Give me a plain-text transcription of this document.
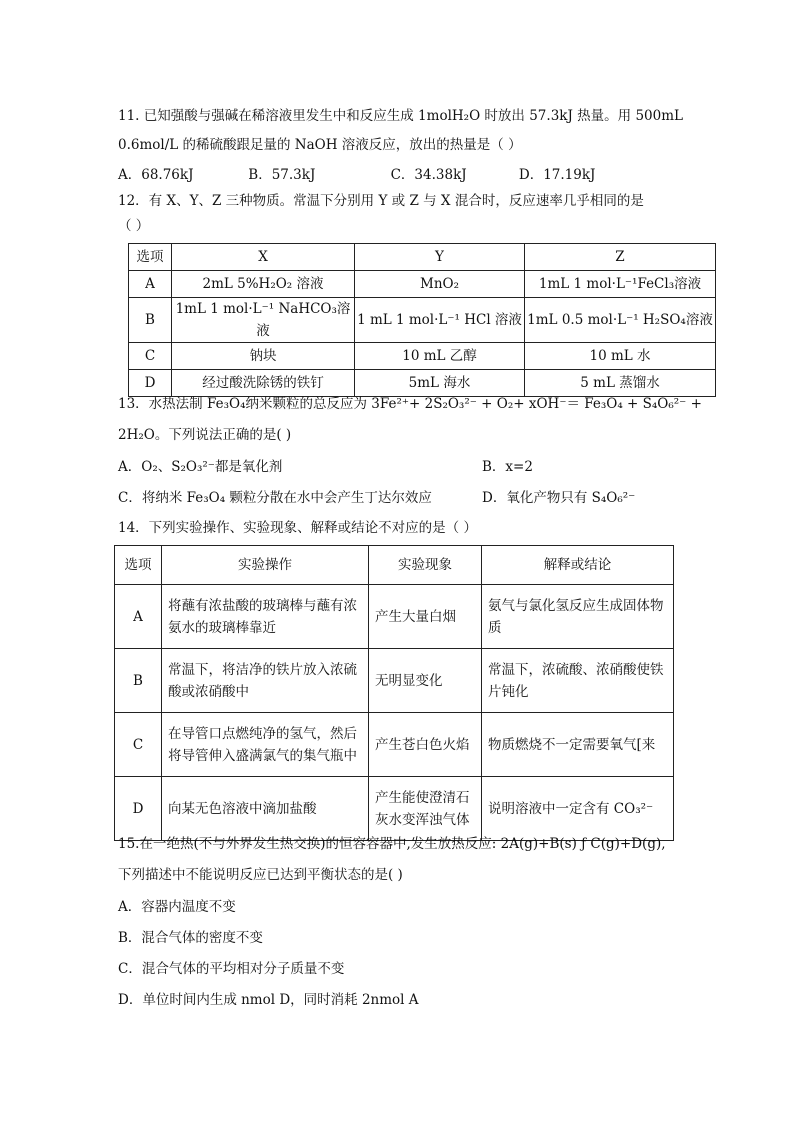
11. 已知强酸与强碱在稀溶液里发生中和反应生成 1molH₂O 时放出 57.3kJ 热量。用 500mL
0.6mol/L 的稀硫酸跟足量的 NaOH 溶液反应，放出的热量是（ ）
A．68.76kJ	B．57.3kJ	C．34.38kJ	D．17.19kJ
12．有 X、Y、Z 三种物质。常温下分别用 Y 或 Z 与 X 混合时，反应速率几乎相同的是
（ ）
选项	X	Y	Z
A	2mL 5%H₂O₂ 溶液	MnO₂	1mL 1 mol·L⁻¹FeCl₃溶液
B	1mL 1 mol·L⁻¹ NaHCO₃溶液	1 mL 1 mol·L⁻¹ HCl 溶液	1mL 0.5 mol·L⁻¹ H₂SO₄溶液
C	钠块	10 mL 乙醇	10 mL 水
D	经过酸洗除锈的铁钉	5mL 海水	5 mL 蒸馏水
13．水热法制 Fe₃O₄纳米颗粒的总反应为 3Fe²⁺+ 2S₂O₃²⁻ + O₂+ xOH⁻＝ Fe₃O₄ + S₄O₆²⁻ +
2H₂O。下列说法正确的是( )
A．O₂、S₂O₃²⁻都是氧化剂	B．x=2
C．将纳米 Fe₃O₄ 颗粒分散在水中会产生丁达尔效应	D．氧化产物只有 S₄O₆²⁻
14．下列实验操作、实验现象、解释或结论不对应的是（ ）
选项	实验操作	实验现象	解释或结论
A	将蘸有浓盐酸的玻璃棒与蘸有浓氨水的玻璃棒靠近	产生大量白烟	氨气与氯化氢反应生成固体物质
B	常温下，将洁净的铁片放入浓硫酸或浓硝酸中	无明显变化	常温下，浓硫酸、浓硝酸使铁片钝化
C	在导管口点燃纯净的氢气，然后将导管伸入盛满氯气的集气瓶中	产生苍白色火焰	物质燃烧不一定需要氧气[来
D	向某无色溶液中滴加盐酸	产生能使澄清石灰水变浑浊气体	说明溶液中一定含有 CO₃²⁻
15.在一绝热(不与外界发生热交换)的恒容容器中,发生放热反应: 2A(g)+B(s) ƒ C(g)+D(g),
下列描述中不能说明反应已达到平衡状态的是( )
A．容器内温度不变
B．混合气体的密度不变
C．混合气体的平均相对分子质量不变
D．单位时间内生成 nmol D，同时消耗 2nmol A
